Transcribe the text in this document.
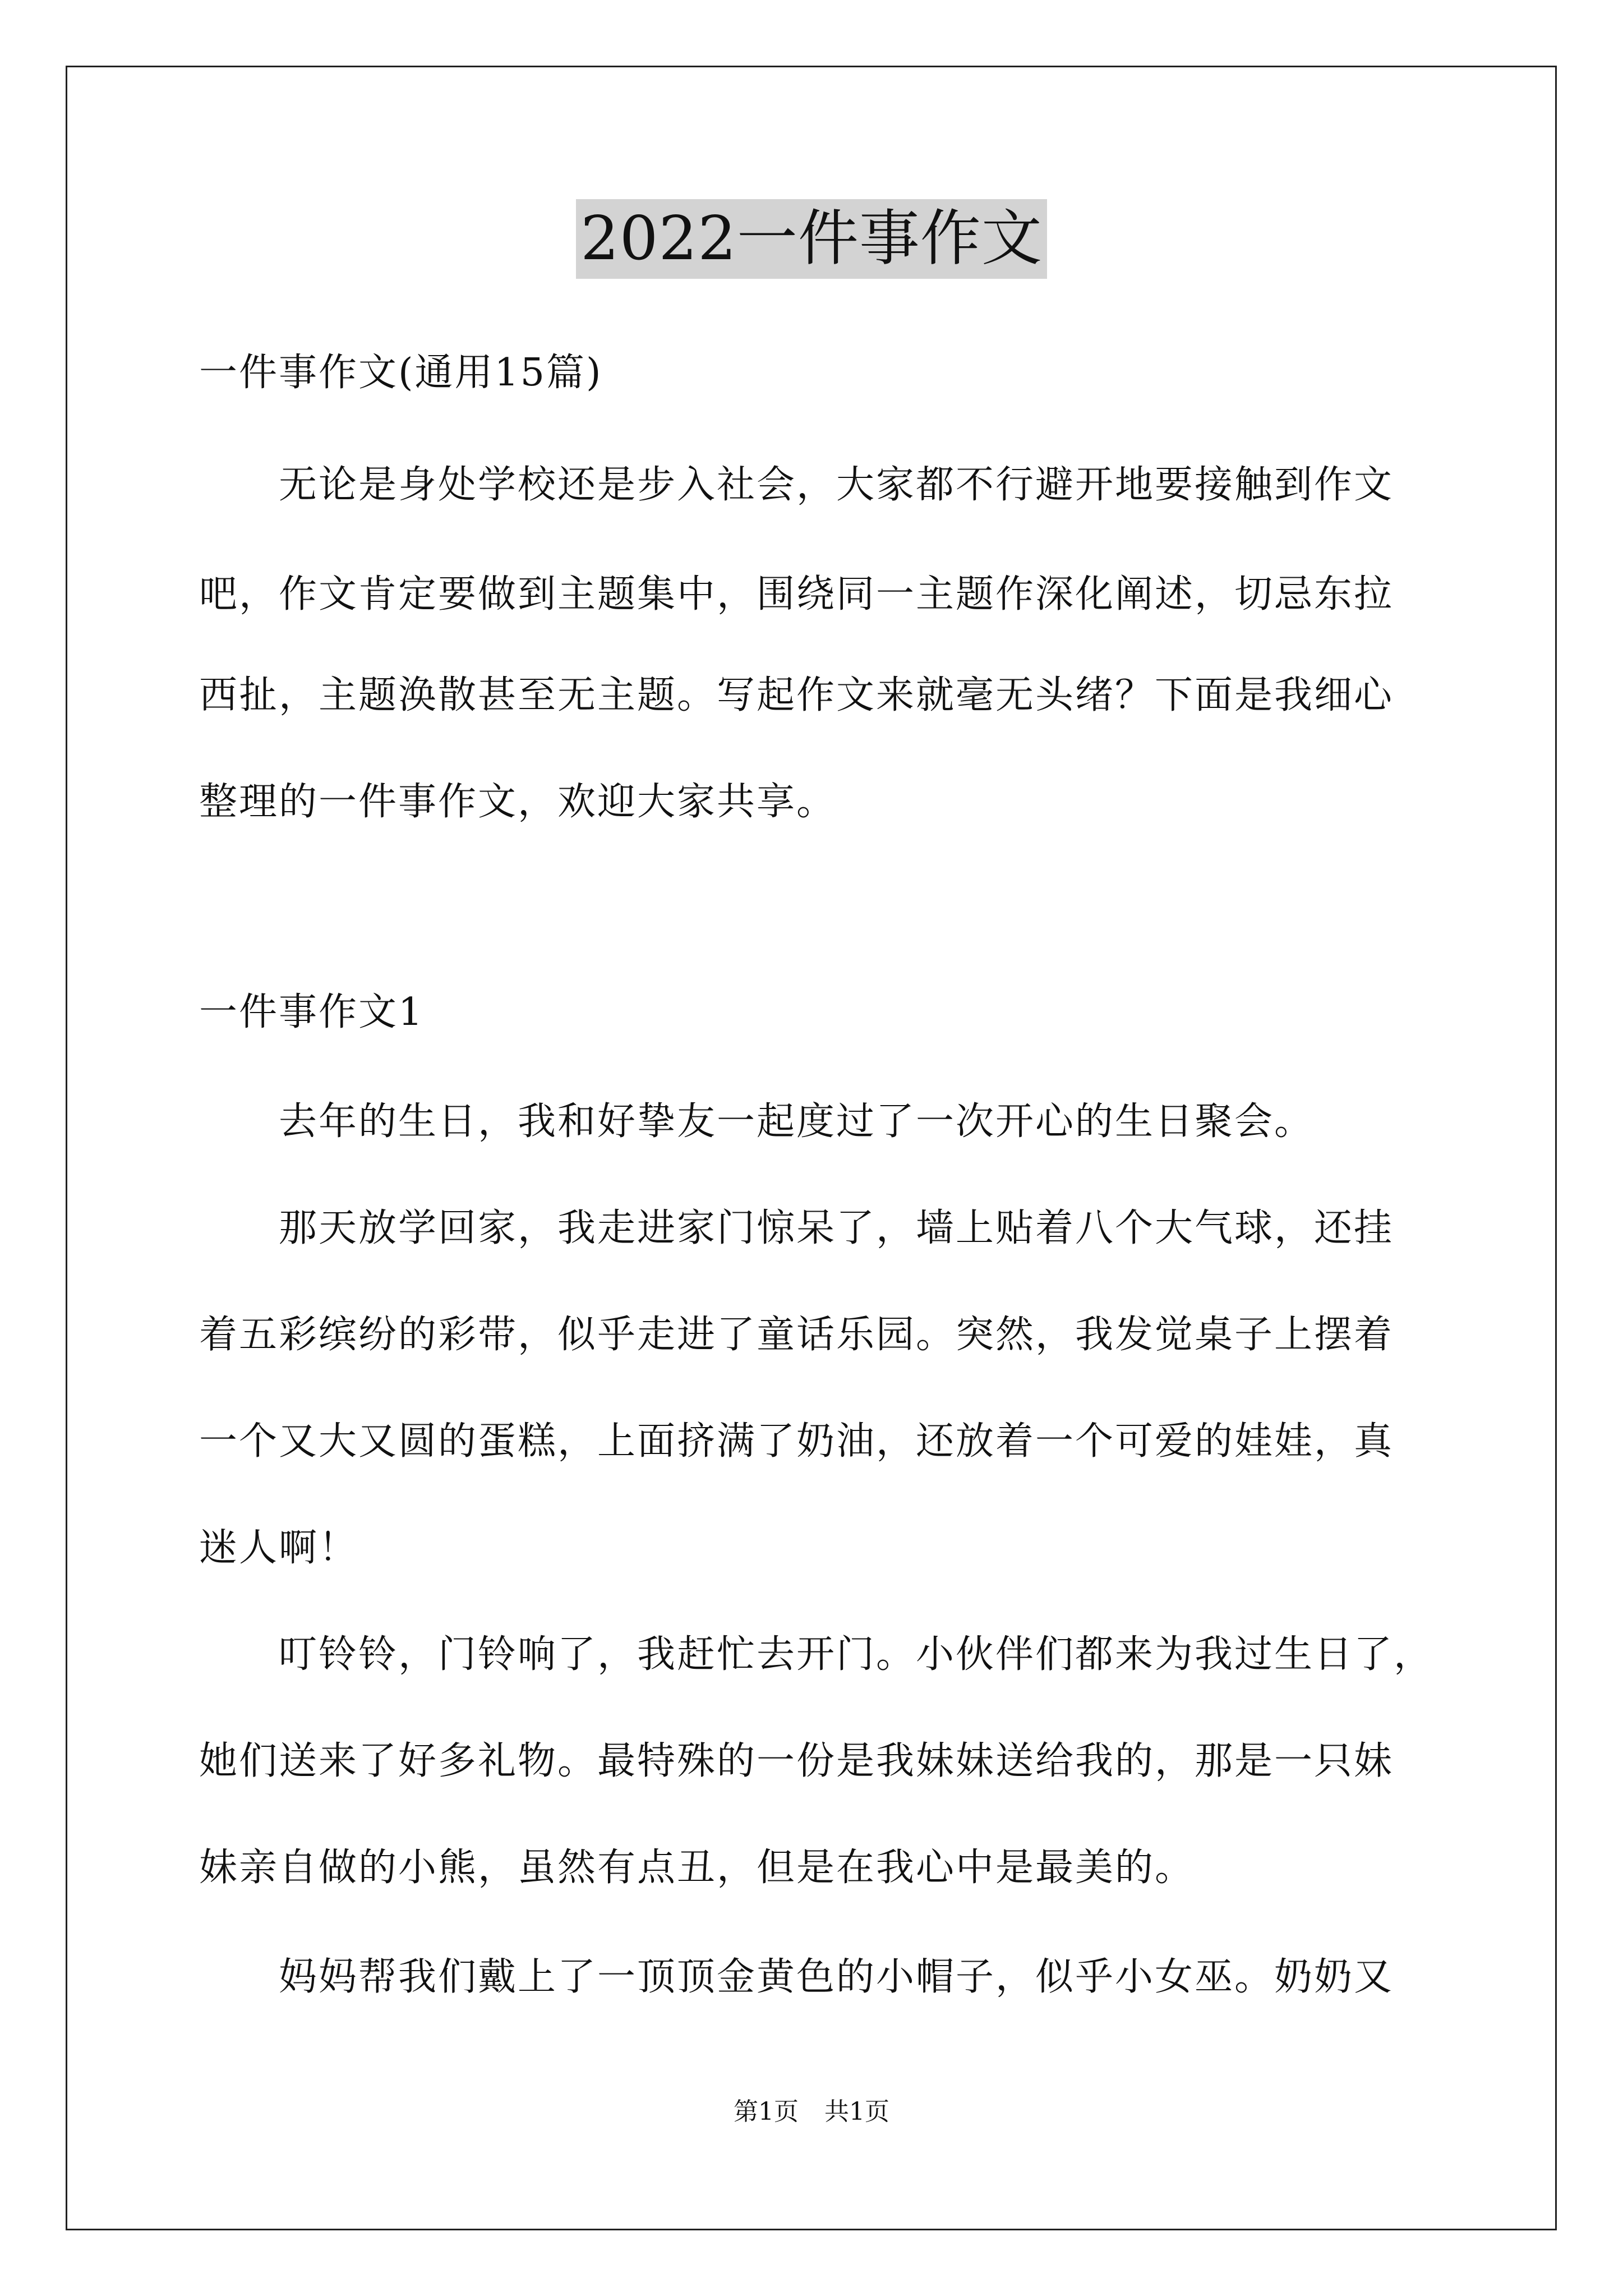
2022一件事作文
一件事作文(通用15篇)
　　无论是身处学校还是步入社会，大家都不行避开地要接触到作文
吧，作文肯定要做到主题集中，围绕同一主题作深化阐述，切忌东拉
西扯，主题涣散甚至无主题。写起作文来就毫无头绪？下面是我细心
整理的一件事作文，欢迎大家共享。
一件事作文1
　　去年的生日，我和好挚友一起度过了一次开心的生日聚会。
　　那天放学回家，我走进家门惊呆了，墙上贴着八个大气球，还挂
着五彩缤纷的彩带，似乎走进了童话乐园。突然，我发觉桌子上摆着
一个又大又圆的蛋糕，上面挤满了奶油，还放着一个可爱的娃娃，真
迷人啊！
　　叮铃铃，门铃响了，我赶忙去开门。小伙伴们都来为我过生日了，
她们送来了好多礼物。最特殊的一份是我妹妹送给我的，那是一只妹
妹亲自做的小熊，虽然有点丑，但是在我心中是最美的。
　　妈妈帮我们戴上了一顶顶金黄色的小帽子，似乎小女巫。奶奶又
第1页 共1页
